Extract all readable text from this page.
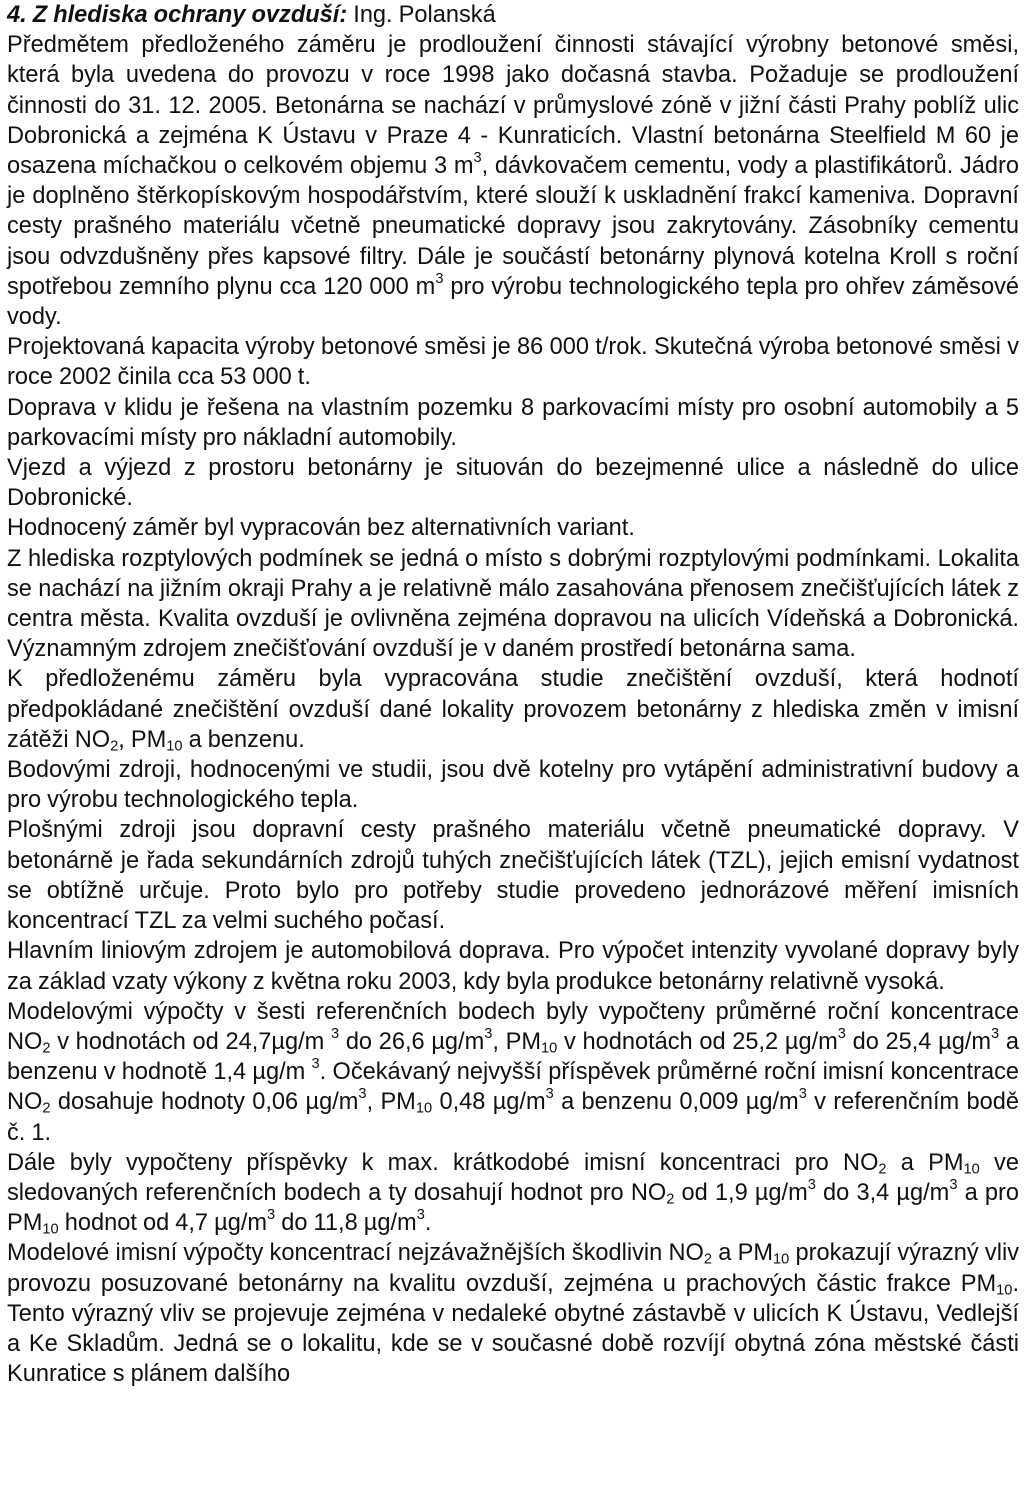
4. Z hlediska ochrany ovzduší: Ing. Polanská

Předmětem předloženého záměru je prodloužení činnosti stávající výrobny betonové směsi, která byla uvedena do provozu v roce 1998 jako dočasná stavba. Požaduje se prodloužení činnosti do 31. 12. 2005. Betonárna se nachází v průmyslové zóně v jižní části Prahy poblíž ulic Dobronická a zejména K Ústavu v Praze 4 - Kunraticích. Vlastní betonárna Steelfield M 60 je osazena míchačkou o celkovém objemu 3 $m^3$, dávkovačem cementu, vody a plastifikátorů. Jádro je doplněno štěrkopískovým hospodářstvím, které slouží k uskladnění frakcí kameniva. Dopravní cesty prašného materiálu včetně pneumatické dopravy jsou zakrytovány. Zásobníky cementu jsou odvzdušněny přes kapsové filtry. Dále je součástí betonárny plynová kotelna Kroll s roční spotřebou zemního plynu cca 120 000 $m^3$ pro výrobu technologického tepla pro ohřev záměsové vody.

Projektovaná kapacita výroby betonové směsi je 86 000 t/rok. Skutečná výroba betonové směsi v roce 2002 činila cca 53 000 t.

Doprava v klidu je řešena na vlastním pozemku 8 parkovacími místy pro osobní automobily a 5 parkovacími místy pro nákladní automobily.

Vjezd a výjezd z prostoru betonárny je situován do bezejmenné ulice a následně do ulice Dobronické.

Hodnocený záměr byl vypracován bez alternativních variant.

Z hlediska rozptylových podmínek se jedná o místo s dobrými rozptylovými podmínkami. Lokalita se nachází na jižním okraji Prahy a je relativně málo zasahována přenosem znečišťujících látek z centra města. Kvalita ovzduší je ovlivněna zejména dopravou na ulicích Vídeňská a Dobronická. Významným zdrojem znečišťování ovzduší je v daném prostředí betonárna sama.

K předloženému záměru byla vypracována studie znečištění ovzduší, která hodnotí předpokládané znečištění ovzduší dané lokality provozem betonárny z hlediska změn v imisní zátěži $NO_2$, $PM_{10}$ a benzenu.

Bodovými zdroji, hodnocenými ve studii, jsou dvě kotelny pro vytápění administrativní budovy a pro výrobu technologického tepla.

Plošnými zdroji jsou dopravní cesty prašného materiálu včetně pneumatické dopravy. V betonárně je řada sekundárních zdrojů tuhých znečišťujících látek (TZL), jejich emisní vydatnost se obtížně určuje. Proto bylo pro potřeby studie provedeno jednorázové měření imisních koncentrací TZL za velmi suchého počasí.

Hlavním liniovým zdrojem je automobilová doprava. Pro výpočet intenzity vyvolané dopravy byly za základ vzaty výkony z května roku 2003, kdy byla produkce betonárny relativně vysoká.

Modelovými výpočty v šesti referenčních bodech byly vypočteny průměrné roční koncentrace $NO_2$ v hodnotách od 24,7µg/m $^3$ do 26,6 $\mu g/m^3$, $PM_{10}$ v hodnotách od 25,2 $\mu g/m^3$ do 25,4 $\mu g/m^3$ a benzenu v hodnotě 1,4 µg/m $^3$. Očekávaný nejvyšší příspěvek průměrné roční imisní koncentrace $NO_2$ dosahuje hodnoty 0,06 $\mu g/m^3$, $PM_{10}$ 0,48 $\mu g/m^3$ a benzenu 0,009 $\mu g/m^3$ v referenčním bodě č. 1.

Dále byly vypočteny příspěvky k max. krátkodobé imisní koncentraci pro $NO_2$ a $PM_{10}$ ve sledovaných referenčních bodech a ty dosahují hodnot pro $NO_2$ od 1,9 $\mu g/m^3$ do 3,4 $\mu g/m^3$ a pro $PM_{10}$ hodnot od 4,7 $\mu g/m^3$ do 11,8 $\mu g/m^3$.

Modelové imisní výpočty koncentrací nejzávažnějších škodlivin $NO_2$ a $PM_{10}$ prokazují výrazný vliv provozu posuzované betonárny na kvalitu ovzduší, zejména u prachových částic frakce $PM_{10}$. Tento výrazný vliv se projevuje zejména v nedaleké obytné zástavbě v ulicích K Ústavu, Vedlejší a Ke Skladům. Jedná se o lokalitu, kde se v současné době rozvíjí obytná zóna městské části Kunratice s plánem dalšího
